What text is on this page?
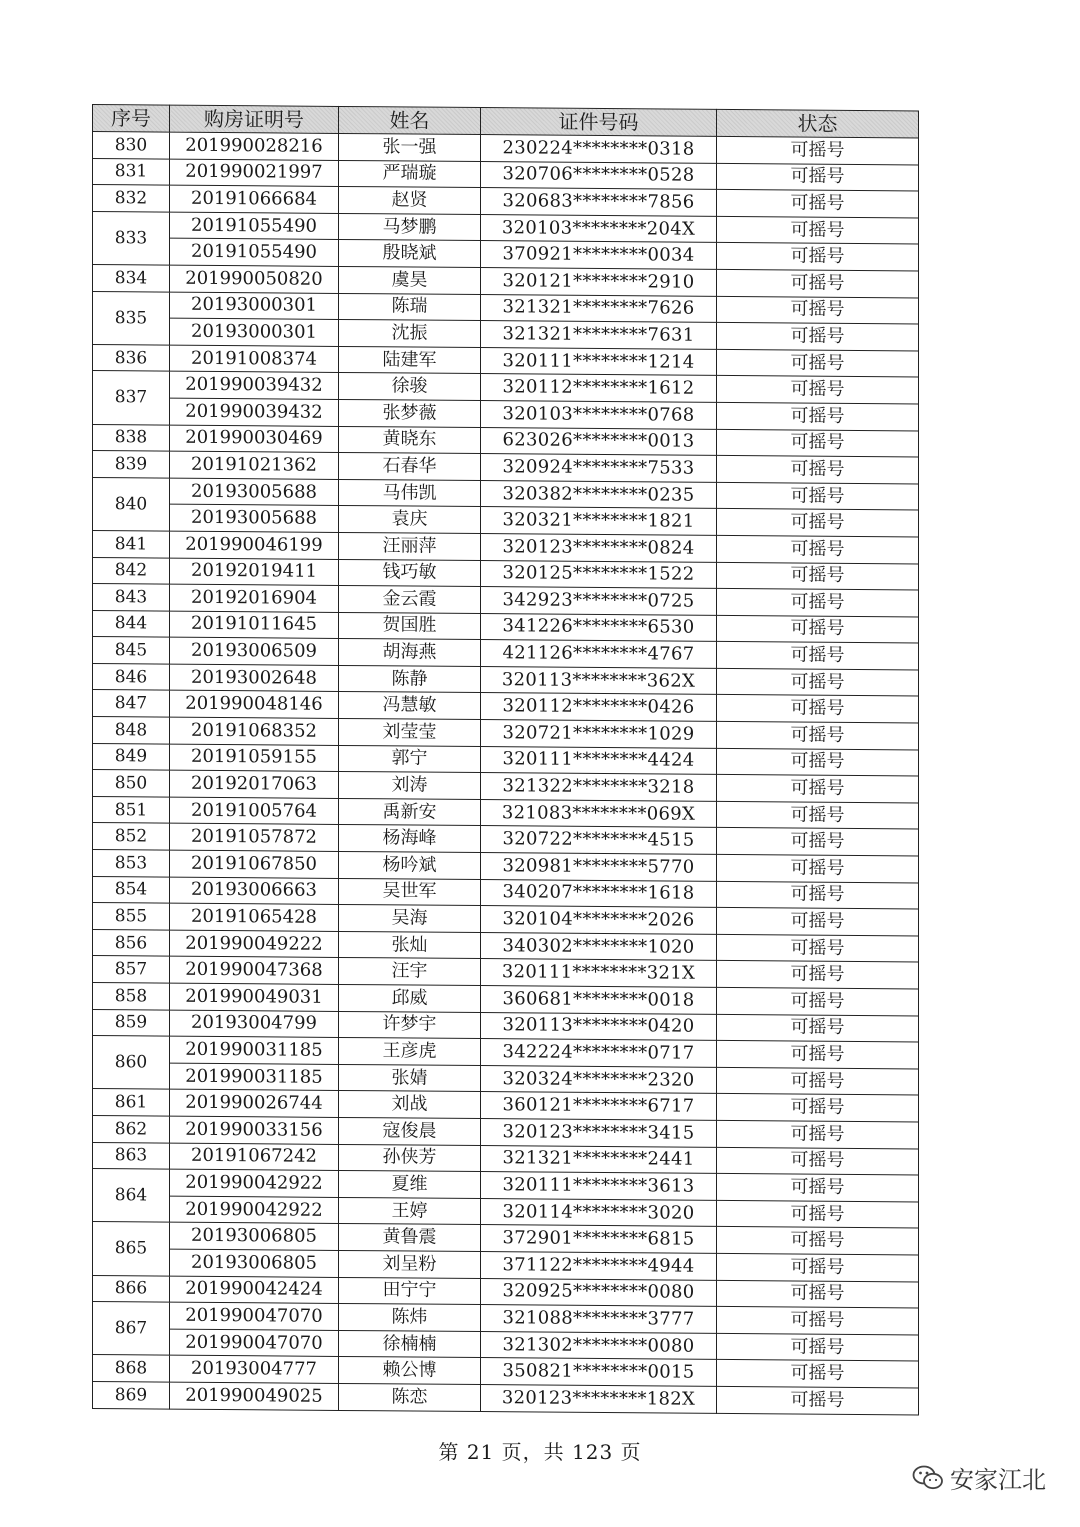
序号	购房证明号	姓名	证件号码	状态
830	201990028216	张一强	230224********0318	可摇号
831	201990021997	严瑞璇	320706********0528	可摇号
832	20191066684	赵贤	320683********7856	可摇号
833	20191055490	马梦鹏	320103********204X	可摇号
	20191055490	殷晓斌	370921********0034	可摇号
834	201990050820	虞昊	320121********2910	可摇号
835	20193000301	陈瑞	321321********7626	可摇号
	20193000301	沈振	321321********7631	可摇号
836	20191008374	陆建军	320111********1214	可摇号
837	201990039432	徐骏	320112********1612	可摇号
	201990039432	张梦薇	320103********0768	可摇号
838	201990030469	黄晓东	623026********0013	可摇号
839	20191021362	石春华	320924********7533	可摇号
840	20193005688	马伟凯	320382********0235	可摇号
	20193005688	袁庆	320321********1821	可摇号
841	201990046199	汪丽萍	320123********0824	可摇号
842	20192019411	钱巧敏	320125********1522	可摇号
843	20192016904	金云霞	342923********0725	可摇号
844	20191011645	贺国胜	341226********6530	可摇号
845	20193006509	胡海燕	421126********4767	可摇号
846	20193002648	陈静	320113********362X	可摇号
847	201990048146	冯慧敏	320112********0426	可摇号
848	20191068352	刘莹莹	320721********1029	可摇号
849	20191059155	郭宁	320111********4424	可摇号
850	20192017063	刘涛	321322********3218	可摇号
851	20191005764	禹新安	321083********069X	可摇号
852	20191057872	杨海峰	320722********4515	可摇号
853	20191067850	杨吟斌	320981********5770	可摇号
854	20193006663	吴世军	340207********1618	可摇号
855	20191065428	吴海	320104********2026	可摇号
856	201990049222	张灿	340302********1020	可摇号
857	201990047368	汪宇	320111********321X	可摇号
858	201990049031	邱威	360681********0018	可摇号
859	20193004799	许梦宇	320113********0420	可摇号
860	201990031185	王彦虎	342224********0717	可摇号
	201990031185	张婧	320324********2320	可摇号
861	201990026744	刘战	360121********6717	可摇号
862	201990033156	寇俊晨	320123********3415	可摇号
863	20191067242	孙侠芳	321321********2441	可摇号
864	201990042922	夏维	320111********3613	可摇号
	201990042922	王婷	320114********3020	可摇号
865	20193006805	黄鲁震	372901********6815	可摇号
	20193006805	刘呈粉	371122********4944	可摇号
866	201990042424	田宁宁	320925********0080	可摇号
867	201990047070	陈炜	321088********3777	可摇号
	201990047070	徐楠楠	321302********0080	可摇号
868	20193004777	赖公博	350821********0015	可摇号
869	201990049025	陈恋	320123********182X	可摇号
第 21 页，共 123 页
安家江北
